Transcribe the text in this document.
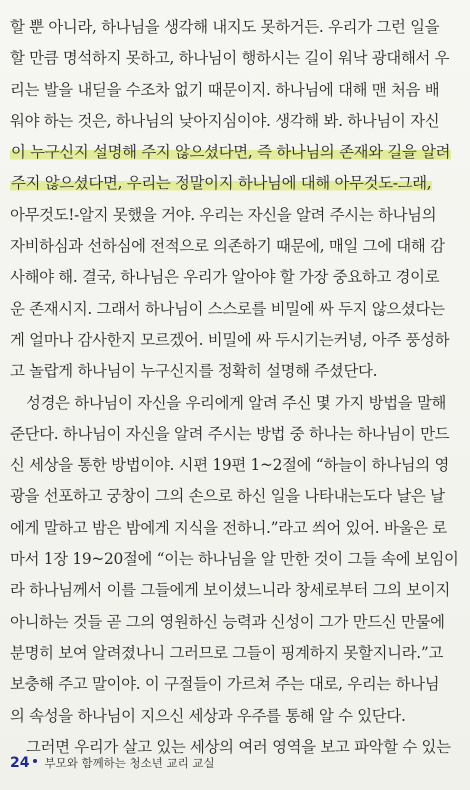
할 뿐 아니라, 하나님을 생각해 내지도 못하거든. 우리가 그런 일을
할 만큼 명석하지 못하고, 하나님이 행하시는 길이 워낙 광대해서 우
리는 발을 내딛을 수조차 없기 때문이지. 하나님에 대해 맨 처음 배
워야 하는 것은, 하나님의 낮아지심이야. 생각해 봐. 하나님이 자신
이 누구신지 설명해 주지 않으셨다면, 즉 하나님의 존재와 길을 알려
주지 않으셨다면, 우리는 정말이지 하나님에 대해 아무것도-그래,
아무것도!-알지 못했을 거야. 우리는 자신을 알려 주시는 하나님의
자비하심과 선하심에 전적으로 의존하기 때문에, 매일 그에 대해 감
사해야 해. 결국, 하나님은 우리가 알아야 할 가장 중요하고 경이로
운 존재시지. 그래서 하나님이 스스로를 비밀에 싸 두지 않으셨다는
게 얼마나 감사한지 모르겠어. 비밀에 싸 두시기는커녕, 아주 풍성하
고 놀랍게 하나님이 누구신지를 정확히 설명해 주셨단다.
성경은 하나님이 자신을 우리에게 알려 주신 몇 가지 방법을 말해
준단다. 하나님이 자신을 알려 주시는 방법 중 하나는 하나님이 만드
신 세상을 통한 방법이야. 시편 19편 1~2절에 “하늘이 하나님의 영
광을 선포하고 궁창이 그의 손으로 하신 일을 나타내는도다 날은 날
에게 말하고 밤은 밤에게 지식을 전하니.”라고 씌어 있어. 바울은 로
마서 1장 19~20절에 “이는 하나님을 알 만한 것이 그들 속에 보임이
라 하나님께서 이를 그들에게 보이셨느니라 창세로부터 그의 보이지
아니하는 것들 곧 그의 영원하신 능력과 신성이 그가 만드신 만물에
분명히 보여 알려졌나니 그러므로 그들이 핑계하지 못할지니라.”고
보충해 주고 말이야. 이 구절들이 가르쳐 주는 대로, 우리는 하나님
의 속성을 하나님이 지으신 세상과 우주를 통해 알 수 있단다.
그러면 우리가 살고 있는 세상의 여러 영역을 보고 파악할 수 있는
24 부모와 함께하는 청소년 교리 교실
